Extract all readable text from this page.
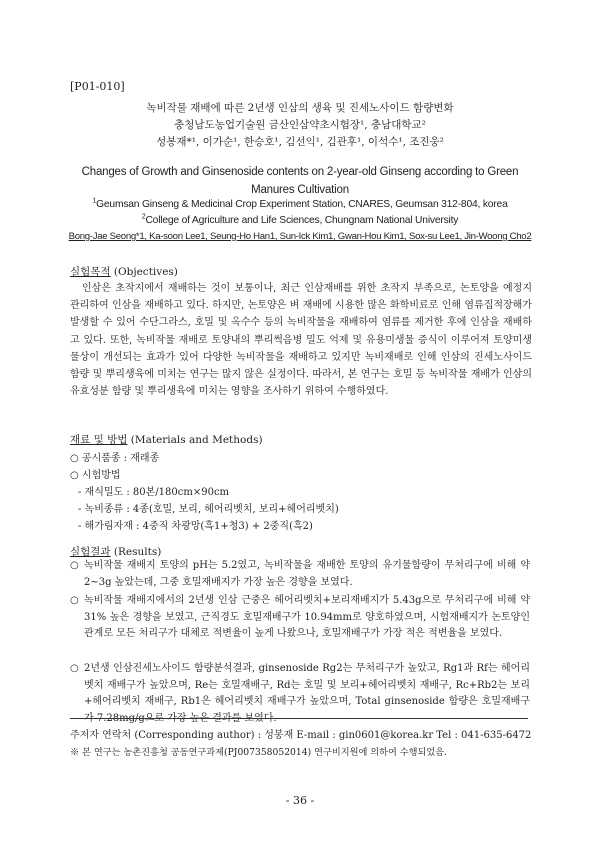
[P01-010]
녹비작물 재배에 따른 2년생 인삼의 생육 및 진세노사이드 함량변화
충청남도농업기술원 금산인삼약초시험장¹, 충남대학교²
성봉재*¹, 이가순¹, 한승호¹, 김선익¹, 김관후¹, 이석수¹, 조진웅²
Changes of Growth and Ginsenoside contents on 2-year-old Ginseng according to Green Manures Cultivation
$^1$Geumsan Ginseng & Medicinal Crop Experiment Station, CNARES, Geumsan 312-804, korea
$^2$College of Agriculture and Life Sciences, Chungnam National University
Bong-Jae Seong*1, Ka-soon Lee1, Seung-Ho Han1, Sun-Ick Kim1, Gwan-Hou Kim1, Sox-su Lee1, Jin-Woong Cho2
실험목적 (Objectives)
인삼은 초작지에서 재배하는 것이 보통이나, 최근 인삼재배를 위한 초작지 부족으로, 논토양을 예정지 관리하여 인삼을 재배하고 있다. 하지만, 논토양은 벼 재배에 시용한 많은 화학비료로 인해 염류집적장해가 발생할 수 있어 수단그라스, 호밀 및 옥수수 등의 녹비작물을 재배하여 염류를 제거한 후에 인삼을 재배하고 있다. 또한, 녹비작물 재배로 토양내의 뿌리썩음병 밀도 억제 및 유용미생물 증식이 이루어져 토양미생물상이 개선되는 효과가 있어 다양한 녹비작물을 재배하고 있지만 녹비재배로 인해 인삼의 진세노사이드 함량 및 뿌리생육에 미치는 연구는 많지 않은 실정이다. 따라서, 본 연구는 호밀 등 녹비작물 재배가 인삼의 유효성분 함량 및 뿌리생육에 미치는 영향을 조사하기 위하여 수행하였다.
재료 및 방법 (Materials and Methods)
○ 공시품종 : 재래종
○ 시험방법
- 재식밀도 : 80본/180cm×90cm
- 녹비종류 : 4종(호밀, 보리, 헤어리벳치, 보리+헤어리벳치)
- 해가림자재 : 4중직 차광망(흑1+청3) + 2중직(흑2)
실험결과 (Results)
○ 녹비작물 재배지 토양의 pH는 5.2였고, 녹비작물을 재배한 토양의 유기물함량이 무처리구에 비해 약 2~3g 높았는데, 그중 호밀재배지가 가장 높은 경향을 보였다.
○ 녹비작물 재배지에서의 2년생 인삼 근중은 헤어리벳치+보리재배지가 5.43g으로 무처리구에 비해 약 31% 높은 경향을 보였고, 근직경도 호밀재배구가 10.94mm로 양호하였으며, 시험재배지가 논토양인 관계로 모든 처리구가 대체로 적변율이 높게 나왔으나, 호밀재배구가 가장 적은 적변율을 보였다.
○ 2년생 인삼진세노사이드 함량분석결과, ginsenoside Rg2는 무처리구가 높았고, Rg1과 Rf는 헤어리벳치 재배구가 높았으며, Re는 호밀재배구, Rd는 호밀 및 보리+헤어리벳치 재배구, Rc+Rb2는 보리+헤어리벳치 재배구, Rb1은 헤어리벳치 재배구가 높았으며, Total ginsenoside 함량은 호밀재배구가 7.28mg/g으로 가장 높은 결과를 보였다.
주저자 연락처 (Corresponding author) : 성봉재 E-mail : gin0601@korea.kr Tel : 041-635-6472
※ 본 연구는 농촌진흥청 공동연구과제(PJ007358052014) 연구비지원에 의하여 수행되었음.
- 36 -
